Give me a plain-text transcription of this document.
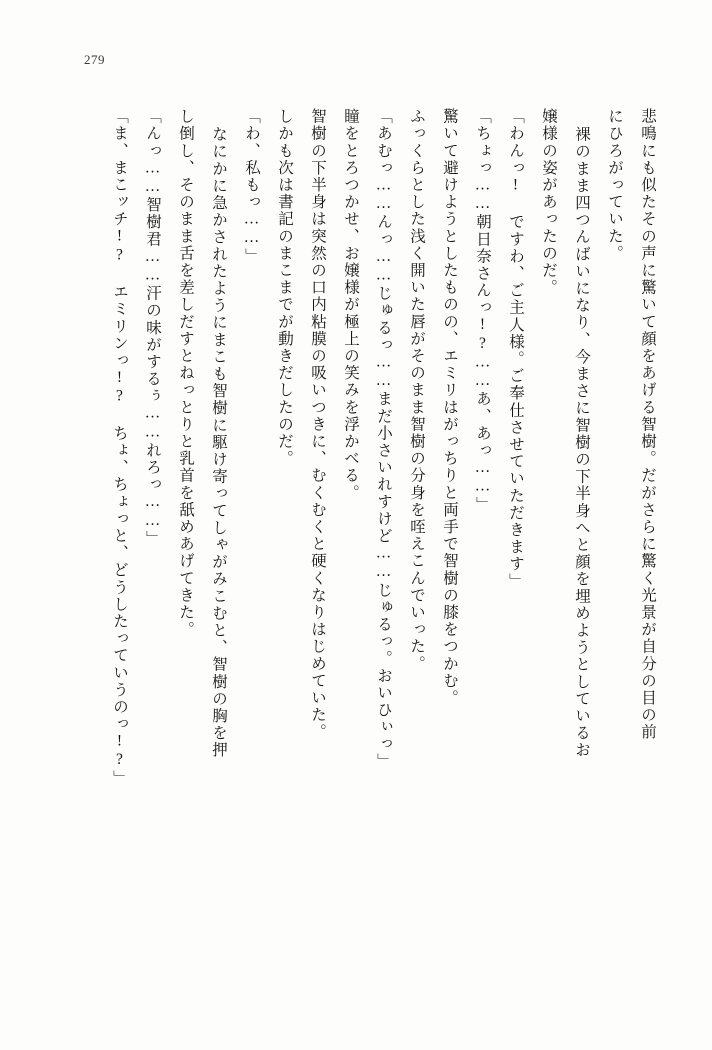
279
悲鳴にも似たその声に驚いて顔をあげる智樹。だがさらに驚く光景が自分の目の前
にひろがっていた。
裸のまま四つんばいになり、今まさに智樹の下半身へと顔を埋めようとしているお
嬢様の姿があったのだ。
「わんっ! ですわ、ご主人様。ご奉仕させていただきます」
「ちょっ……朝日奈さんっ!?……あ、あっ……」
驚いて避けようとしたものの、エミリはがっちりと両手で智樹の膝をつかむ。
ふっくらとした浅く開いた唇がそのまま智樹の分身を咥えこんでいった。
「あむっ……んっ……じゅるっ……まだ小さいれすけど……じゅるっ。おいひぃっ」
瞳をとろつかせ、お嬢様が極上の笑みを浮かべる。
智樹の下半身は突然の口内粘膜の吸いつきに、むくむくと硬くなりはじめていた。
しかも次は書記のまこまでが動きだしたのだ。
「わ、私もっ……」
なにかに急かされたようにまこも智樹に駆け寄ってしゃがみこむと、智樹の胸を押
し倒し、そのまま舌を差しだすとねっとりと乳首を舐めあげてきた。
「んっ……智樹君……汗の味がするぅ……れろっ……」
「ま、まこッチ!? エミリンっ!? ちょ、ちょっと、どうしたっていうのっ!?」
